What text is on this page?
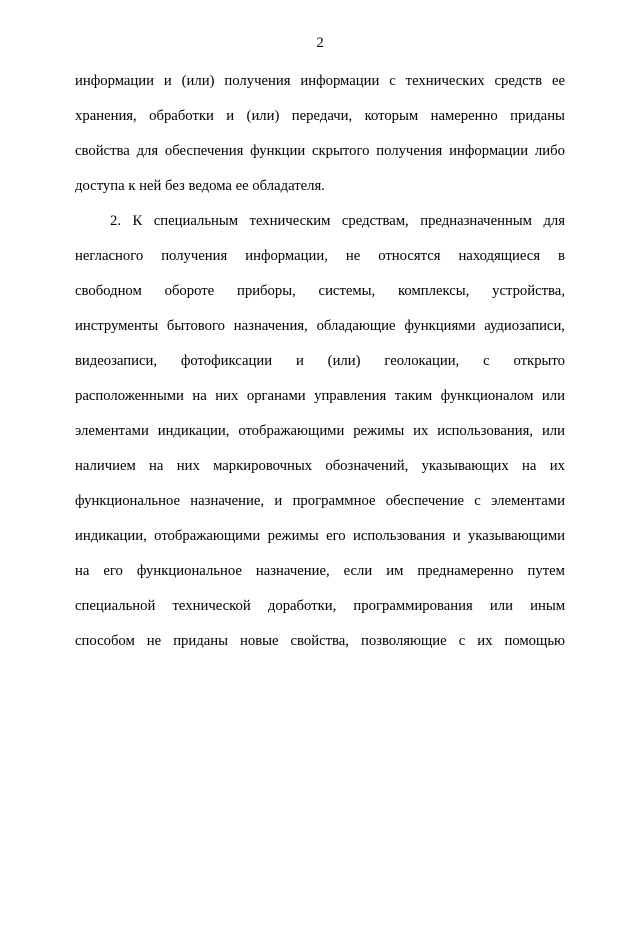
2
информации и (или) получения информации с технических средств ее
хранения, обработки и (или) передачи, которым намеренно приданы
свойства для обеспечения функции скрытого получения информации либо
доступа к ней без ведома ее обладателя.
2. К специальным техническим средствам, предназначенным для
негласного получения информации, не относятся находящиеся в
свободном обороте приборы, системы, комплексы, устройства,
инструменты бытового назначения, обладающие функциями аудиозаписи,
видеозаписи, фотофиксации и (или) геолокации, с открыто
расположенными на них органами управления таким функционалом или
элементами индикации, отображающими режимы их использования, или
наличием на них маркировочных обозначений, указывающих на их
функциональное назначение, и программное обеспечение с элементами
индикации, отображающими режимы его использования и указывающими
на его функциональное назначение, если им преднамеренно путем
специальной технической доработки, программирования или иным
способом не приданы новые свойства, позволяющие с их помощью
